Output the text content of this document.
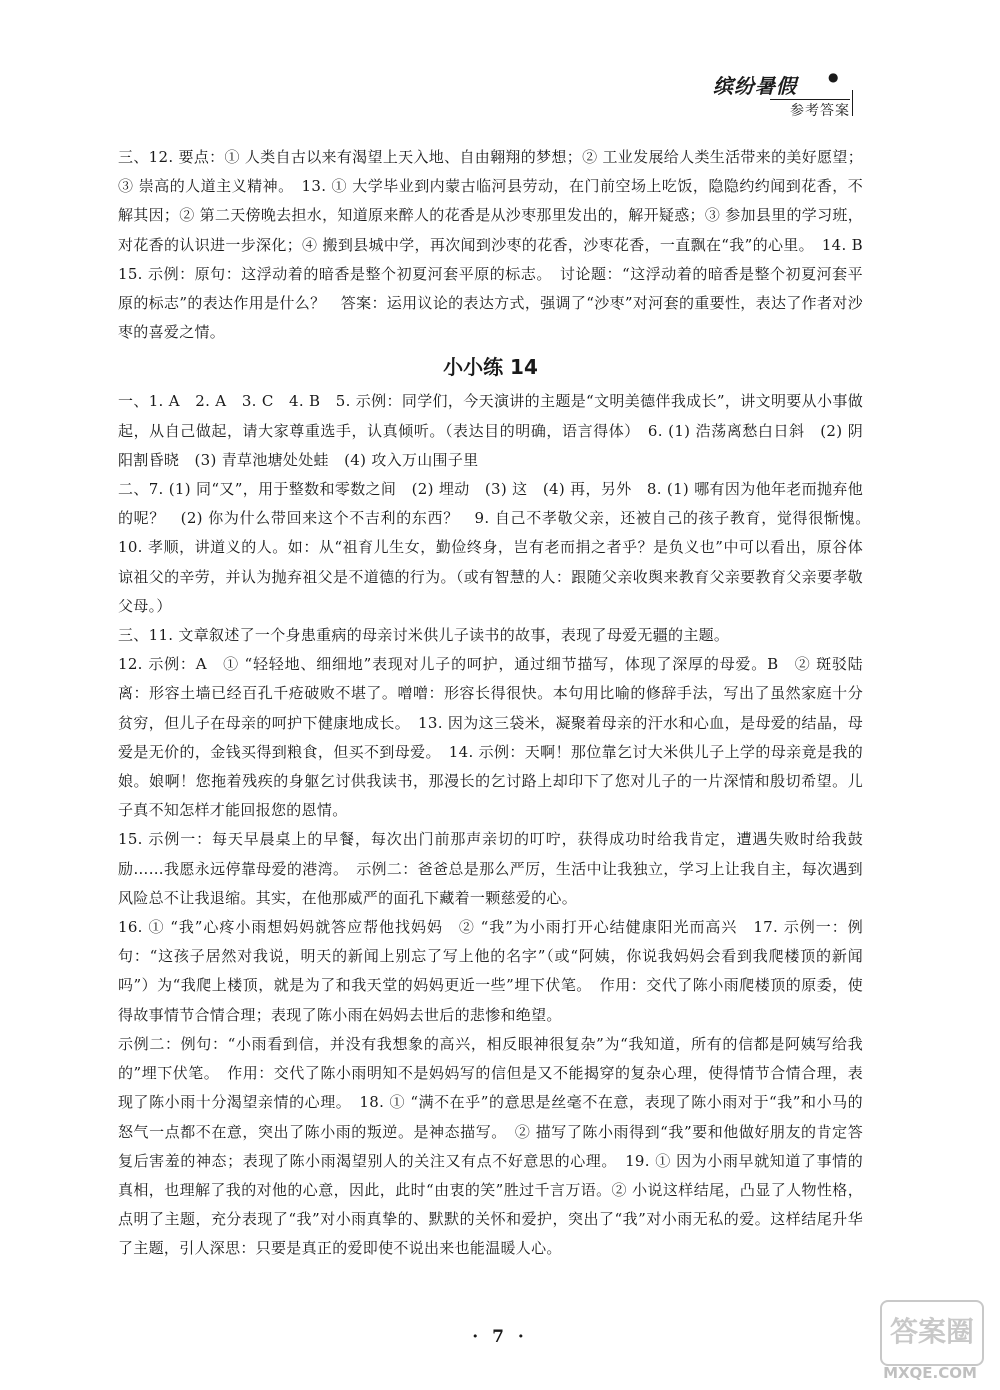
缤纷暑假	●
参考答案

三、12. 要点：① 人类自古以来有渴望上天入地、自由翱翔的梦想；② 工业发展给人类生活带来的美好愿望；③ 崇高的人道主义精神。　13. ① 大学毕业到内蒙古临河县劳动，在门前空场上吃饭，隐隐约约闻到花香，不解其因；② 第二天傍晚去担水，知道原来醉人的花香是从沙枣那里发出的，解开疑惑；③ 参加县里的学习班，对花香的认识进一步深化；④ 搬到县城中学，再次闻到沙枣的花香，沙枣花香，一直飘在“我”的心里。　14. B　15. 示例：原句：这浮动着的暗香是整个初夏河套平原的标志。　讨论题：“这浮动着的暗香是整个初夏河套平原的标志”的表达作用是什么？　答案：运用议论的表达方式，强调了“沙枣”对河套的重要性，表达了作者对沙枣的喜爱之情。

小小练 14

一、1. A　2. A　3. C　4. B　5. 示例：同学们，今天演讲的主题是“文明美德伴我成长”，讲文明要从小事做起，从自己做起，请大家尊重选手，认真倾听。（表达目的明确，语言得体）　6. (1) 浩荡离愁白日斜　(2) 阴阳割昏晓　(3) 青草池塘处处蛙　(4) 攻入万山围子里

二、7. (1) 同“又”，用于整数和零数之间　(2) 埋动　(3) 这　(4) 再，另外　8. (1) 哪有因为他年老而抛弃他的呢？　(2) 你为什么带回来这个不吉利的东西？　9. 自己不孝敬父亲，还被自己的孩子教育，觉得很惭愧。　10. 孝顺，讲道义的人。如：从“祖育儿生女，勤俭终身，岂有老而捐之者乎？是负义也”中可以看出，原谷体谅祖父的辛劳，并认为抛弃祖父是不道德的行为。（或有智慧的人：跟随父亲收舆来教育父亲要教育父亲要孝敬父母。）

三、11. 文章叙述了一个身患重病的母亲讨米供儿子读书的故事，表现了母爱无疆的主题。

12. 示例：A　① “轻轻地、细细地”表现对儿子的呵护，通过细节描写，体现了深厚的母爱。B　② 斑驳陆离：形容土墙已经百孔千疮破败不堪了。噌噌：形容长得很快。本句用比喻的修辞手法，写出了虽然家庭十分贫穷，但儿子在母亲的呵护下健康地成长。　13. 因为这三袋米，凝聚着母亲的汗水和心血，是母爱的结晶，母爱是无价的，金钱买得到粮食，但买不到母爱。　14. 示例：天啊！那位靠乞讨大米供儿子上学的母亲竟是我的娘。娘啊！您拖着残疾的身躯乞讨供我读书，那漫长的乞讨路上却印下了您对儿子的一片深情和殷切希望。儿子真不知怎样才能回报您的恩情。

15. 示例一：每天早晨桌上的早餐，每次出门前那声亲切的叮咛，获得成功时给我肯定，遭遇失败时给我鼓励……我愿永远停靠母爱的港湾。　示例二：爸爸总是那么严厉，生活中让我独立，学习上让我自主，每次遇到风险总不让我退缩。其实，在他那威严的面孔下藏着一颗慈爱的心。

16. ① “我”心疼小雨想妈妈就答应帮他找妈妈　② “我”为小雨打开心结健康阳光而高兴　17. 示例一：例句：“这孩子居然对我说，明天的新闻上别忘了写上他的名字”（或“阿姨，你说我妈妈会看到我爬楼顶的新闻吗”）为“我爬上楼顶，就是为了和我天堂的妈妈更近一些”埋下伏笔。　作用：交代了陈小雨爬楼顶的原委，使得故事情节合情合理；表现了陈小雨在妈妈去世后的悲惨和绝望。

示例二：例句：“小雨看到信，并没有我想象的高兴，相反眼神很复杂”为“我知道，所有的信都是阿姨写给我的”埋下伏笔。　作用：交代了陈小雨明知不是妈妈写的信但是又不能揭穿的复杂心理，使得情节合情合理，表现了陈小雨十分渴望亲情的心理。　18. ① “满不在乎”的意思是丝毫不在意，表现了陈小雨对于“我”和小马的怒气一点都不在意，突出了陈小雨的叛逆。是神态描写。　② 描写了陈小雨得到“我”要和他做好朋友的肯定答复后害羞的神态；表现了陈小雨渴望别人的关注又有点不好意思的心理。　19. ① 因为小雨早就知道了事情的真相，也理解了我的对他的心意，因此，此时“由衷的笑”胜过千言万语。② 小说这样结尾，凸显了人物性格，点明了主题，充分表现了“我”对小雨真挚的、默默的关怀和爱护，突出了“我”对小雨无私的爱。这样结尾升华了主题，引人深思：只要是真正的爱即使不说出来也能温暖人心。

· 7 ·	答案圈
MXQE.COM
